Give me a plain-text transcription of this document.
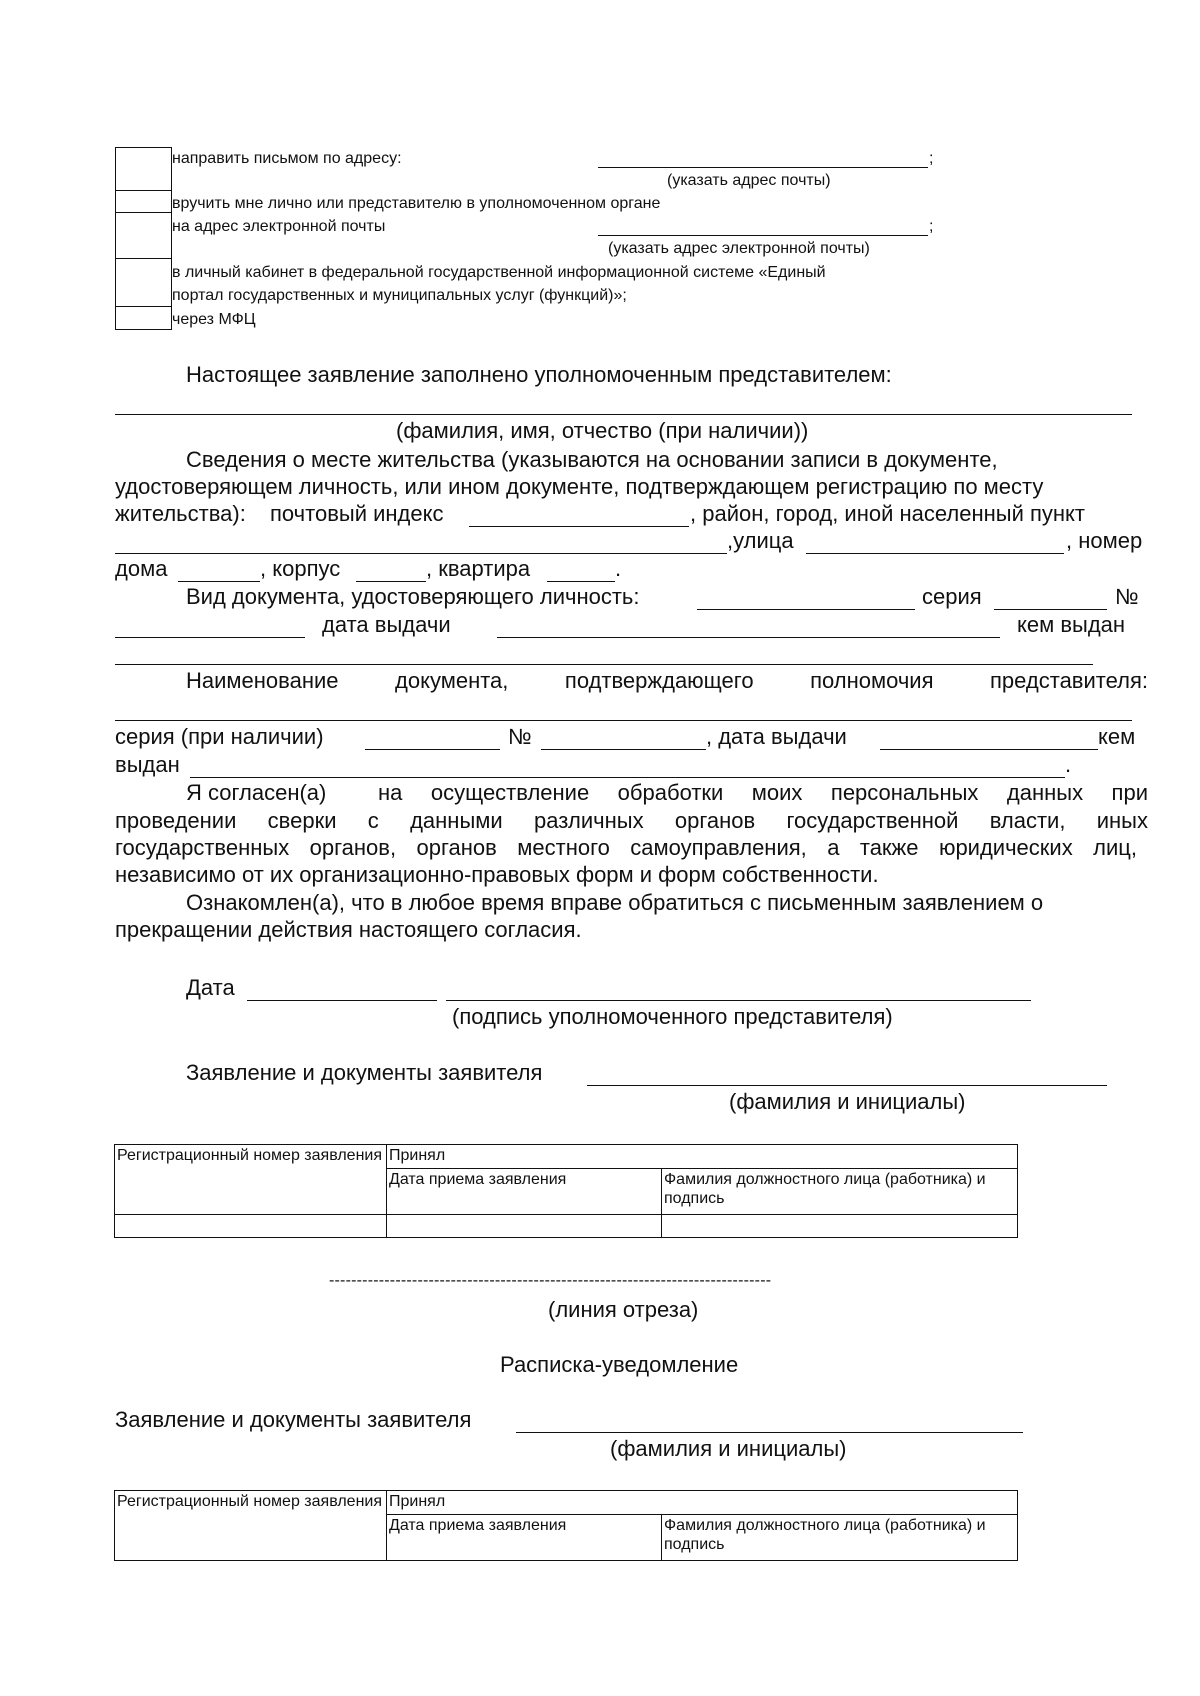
направить письмом по адресу:	;
(указать адрес почты)
вручить мне лично или представителю в уполномоченном органе
на адрес электронной почты	;
(указать адрес электронной почты)
в личный кабинет в федеральной государственной информационной системе «Единый
портал государственных и муниципальных услуг (функций)»;
через МФЦ
Настоящее заявление заполнено уполномоченным представителем:
(фамилия, имя, отчество (при наличии))
Сведения о месте жительства (указываются на основании записи в документе,
удостоверяющем личность, или ином документе, подтверждающем регистрацию по месту
жительства): почтовый индекс	, район, город, иной населенный пункт
,улица	, номер
дома	, корпус	, квартира	.
Вид документа, удостоверяющего личность:	серия	№
дата выдачи	кем выдан
Наименование	документа,	подтверждающего	полномочия	представителя:
серия (при наличии)	№	, дата выдачи	кем
выдан	.
Я согласен(а) на осуществление обработки моих персональных данных при
проведении сверки с данными различных органов государственной власти, иных
государственных органов, органов местного самоуправления, а также юридических лиц,
независимо от их организационно-правовых форм и форм собственности.
Ознакомлен(а), что в любое время вправе обратиться с письменным заявлением о
прекращении действия настоящего согласия.
Дата
(подпись уполномоченного представителя)
Заявление и документы заявителя
(фамилия и инициалы)
Регистрационный номер заявления	Принял	
	Дата приема заявления	Фамилия должностного лица (работника) и подпись

--------------------------------------------------------------------------------
(линия отреза)
Расписка-уведомление
Заявление и документы заявителя
(фамилия и инициалы)
Регистрационный номер заявления	Принял	
	Дата приема заявления	Фамилия должностного лица (работника) и подпись
